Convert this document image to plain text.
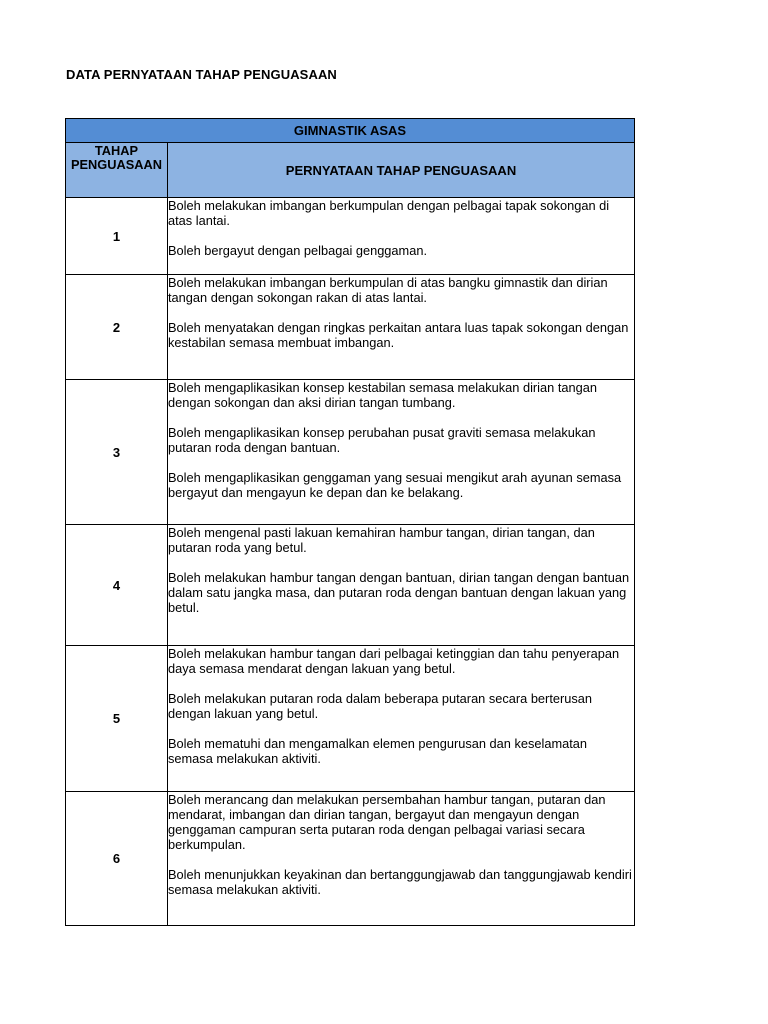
DATA PERNYATAAN TAHAP PENGUASAAN
GIMNASTIK ASAS	
TAHAP PENGUASAAN	PERNYATAAN TAHAP PENGUASAAN
1	Boleh melakukan imbangan berkumpulan dengan pelbagai tapak sokongan di atas lantai.
Boleh bergayut dengan pelbagai genggaman.

2	Boleh melakukan imbangan berkumpulan di atas bangku gimnastik dan dirian tangan dengan sokongan rakan di atas lantai.
Boleh menyatakan dengan ringkas perkaitan antara luas tapak sokongan dengan kestabilan semasa membuat imbangan.

3	Boleh mengaplikasikan konsep kestabilan semasa melakukan dirian tangan dengan sokongan dan aksi dirian tangan tumbang.
Boleh mengaplikasikan konsep perubahan pusat graviti semasa melakukan putaran roda dengan bantuan.
Boleh mengaplikasikan genggaman yang sesuai mengikut arah ayunan semasa bergayut dan mengayun ke depan dan ke belakang.

4	Boleh mengenal pasti lakuan kemahiran hambur tangan, dirian tangan, dan putaran roda yang betul.
Boleh melakukan hambur tangan dengan bantuan, dirian tangan dengan bantuan dalam satu jangka masa, dan putaran roda dengan bantuan dengan lakuan yang betul.

5	Boleh melakukan hambur tangan dari pelbagai ketinggian dan tahu penyerapan daya semasa mendarat dengan lakuan yang betul.
Boleh melakukan putaran roda dalam beberapa putaran secara berterusan dengan lakuan yang betul.
Boleh mematuhi dan mengamalkan elemen pengurusan dan keselamatan semasa melakukan aktiviti.

6	Boleh merancang dan melakukan persembahan hambur tangan, putaran dan mendarat, imbangan dan dirian tangan, bergayut dan mengayun dengan genggaman campuran serta putaran roda dengan pelbagai variasi secara berkumpulan.
Boleh menunjukkan keyakinan dan bertanggungjawab dan tanggungjawab kendiri semasa melakukan aktiviti.
